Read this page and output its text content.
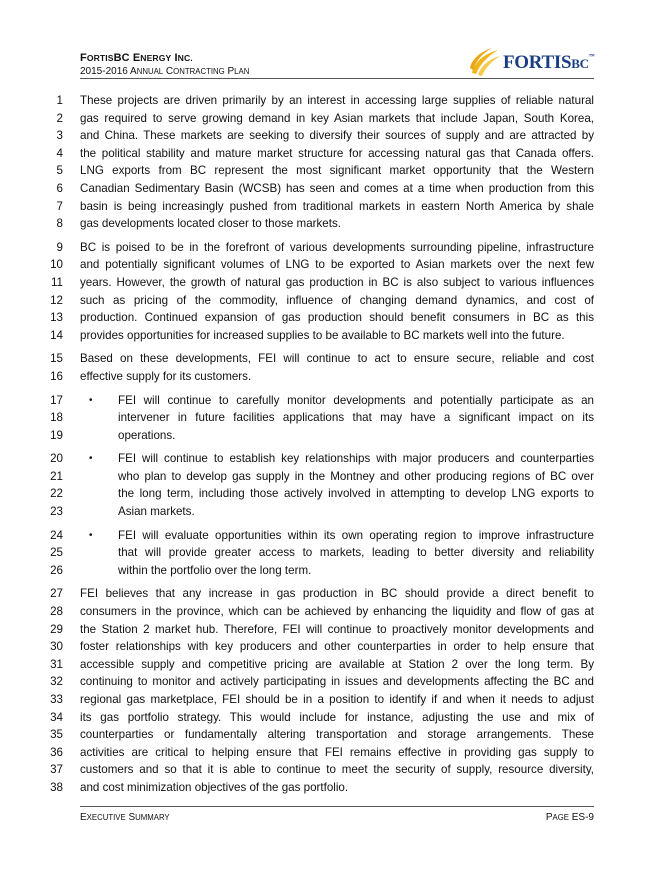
FORTISBC ENERGY INC.
2015-2016 ANNUAL CONTRACTING PLAN	FORTISBC™
1 These projects are driven primarily by an interest in accessing large supplies of reliable natural
2 gas required to serve growing demand in key Asian markets that include Japan, South Korea,
3 and China. These markets are seeking to diversify their sources of supply and are attracted by
4 the political stability and mature market structure for accessing natural gas that Canada offers.
5 LNG exports from BC represent the most significant market opportunity that the Western
6 Canadian Sedimentary Basin (WCSB) has seen and comes at a time when production from this
7 basin is being increasingly pushed from traditional markets in eastern North America by shale
8 gas developments located closer to those markets.
9 BC is poised to be in the forefront of various developments surrounding pipeline, infrastructure
10 and potentially significant volumes of LNG to be exported to Asian markets over the next few
11 years. However, the growth of natural gas production in BC is also subject to various influences
12 such as pricing of the commodity, influence of changing demand dynamics, and cost of
13 production. Continued expansion of gas production should benefit consumers in BC as this
14 provides opportunities for increased supplies to be available to BC markets well into the future.
15 Based on these developments, FEI will continue to act to ensure secure, reliable and cost
16 effective supply for its customers.
17	•	FEI will continue to carefully monitor developments and potentially participate as an
18	intervener in future facilities applications that may have a significant impact on its
19	operations.
20	•	FEI will continue to establish key relationships with major producers and counterparties
21	who plan to develop gas supply in the Montney and other producing regions of BC over
22	the long term, including those actively involved in attempting to develop LNG exports to
23	Asian markets.
24	•	FEI will evaluate opportunities within its own operating region to improve infrastructure
25	that will provide greater access to markets, leading to better diversity and reliability
26	within the portfolio over the long term.
27 FEI believes that any increase in gas production in BC should provide a direct benefit to
28 consumers in the province, which can be achieved by enhancing the liquidity and flow of gas at
29 the Station 2 market hub. Therefore, FEI will continue to proactively monitor developments and
30 foster relationships with key producers and other counterparties in order to help ensure that
31 accessible supply and competitive pricing are available at Station 2 over the long term. By
32 continuing to monitor and actively participating in issues and developments affecting the BC and
33 regional gas marketplace, FEI should be in a position to identify if and when it needs to adjust
34 its gas portfolio strategy. This would include for instance, adjusting the use and mix of
35 counterparties or fundamentally altering transportation and storage arrangements. These
36 activities are critical to helping ensure that FEI remains effective in providing gas supply to
37 customers and so that it is able to continue to meet the security of supply, resource diversity,
38 and cost minimization objectives of the gas portfolio.
EXECUTIVE SUMMARY	PAGE ES-9
